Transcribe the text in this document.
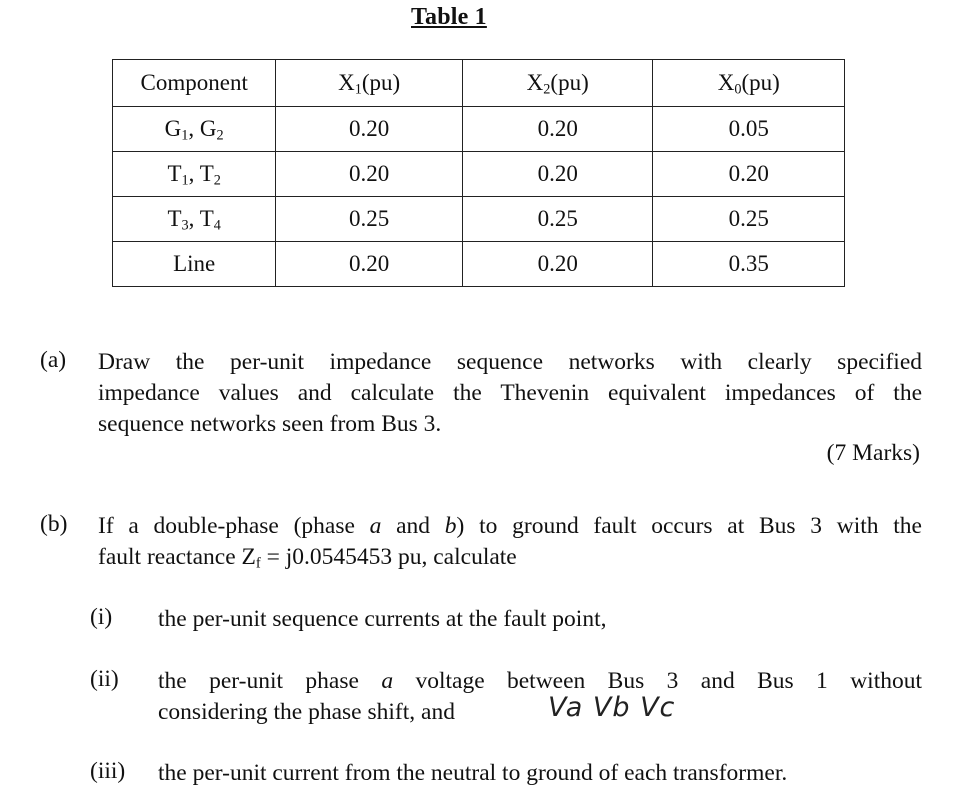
Table 1
Component	$X_1(pu)$	$X_2(pu)$	$X_0(pu)$
$G_1$, $G_2$	0.20	0.20	0.05
$T_1$, $T_2$	0.20	0.20	0.20
$T_3$, $T_4$	0.25	0.25	0.25
Line	0.20	0.20	0.35
(a) Draw the per-unit impedance sequence networks with clearly specified
impedance values and calculate the Thevenin equivalent impedances of the
sequence networks seen from Bus 3.
(7 Marks)
(b) If a double-phase (phase a and b) to ground fault occurs at Bus 3 with the
fault reactance $Z_f = j0.0545453$ pu, calculate
(i) the per-unit sequence currents at the fault point,
(ii) the per-unit phase a voltage between Bus 3 and Bus 1 without
considering the phase shift, and	Va Vb Vc
(iii) the per-unit current from the neutral to ground of each transformer.
